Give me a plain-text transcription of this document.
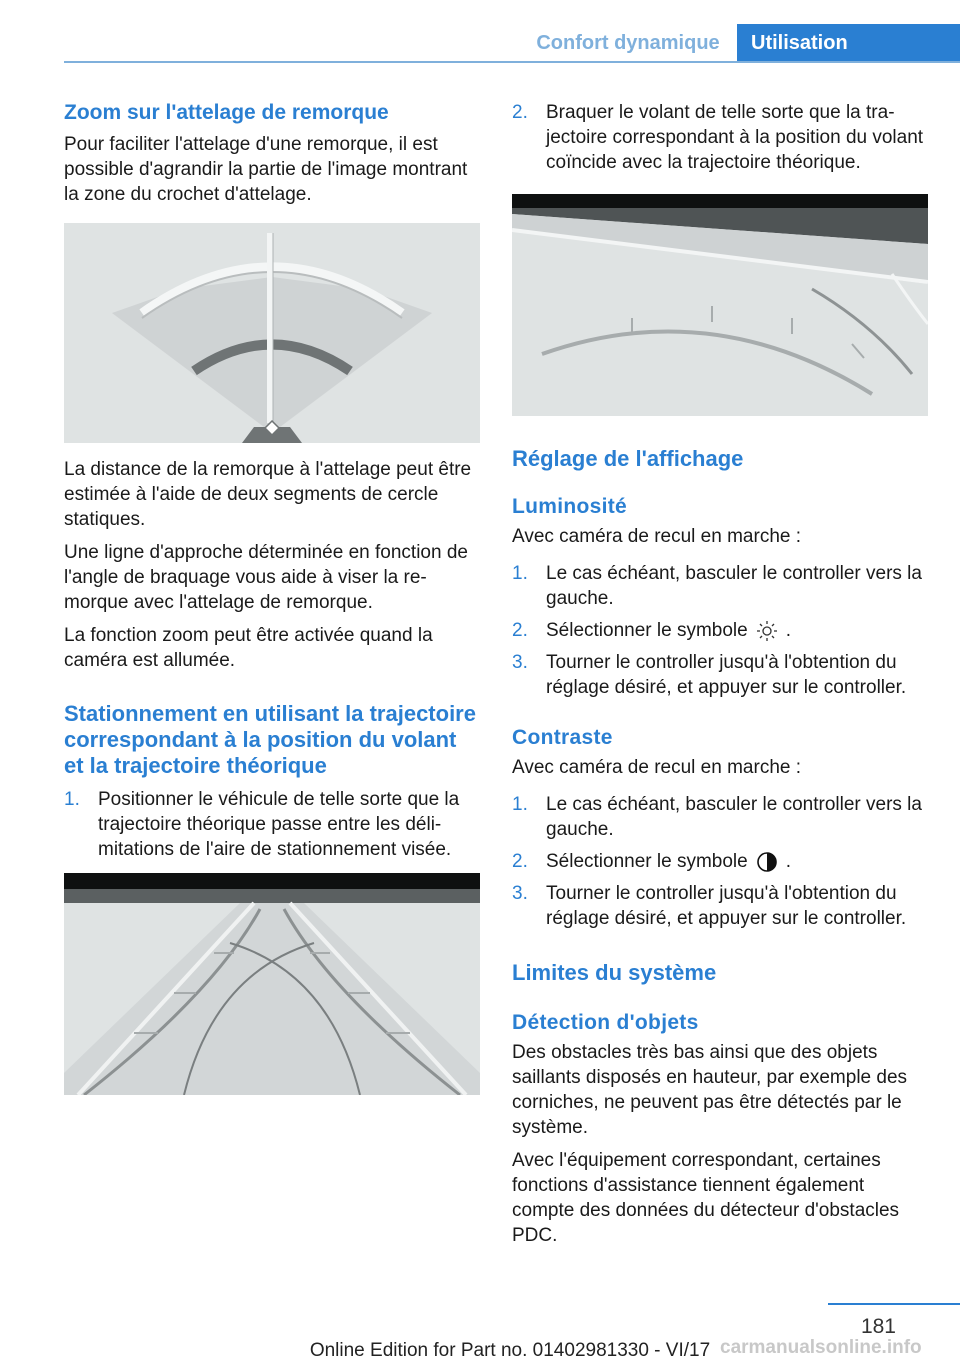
Confort dynamique	Utilisation
Zoom sur l'attelage de remorque

Pour faciliter l'attelage d'une remorque, il est possible d'agrandir la partie de l'image montrant la zone du crochet d'attelage.

La distance de la remorque à l'attelage peut être estimée à l'aide de deux segments de cercle statiques.

Une ligne d'approche déterminée en fonction de l'angle de braquage vous aide à viser la remorque avec l'attelage de remorque.

La fonction zoom peut être activée quand la caméra est allumée.

Stationnement en utilisant la trajectoire correspondant à la position du volant et la trajectoire théorique
1. Positionner le véhicule de telle sorte que la trajectoire théorique passe entre les délimitations de l'aire de stationnement visée.
2. Braquer le volant de telle sorte que la trajectoire correspondant à la position du volant coïncide avec la trajectoire théorique.
Réglage de l'affichage
Luminosité

Avec caméra de recul en marche :

1. Le cas échéant, basculer le controller vers la gauche.
2. Sélectionner le symbole .
3. Tourner le controller jusqu'à l'obtention du réglage désiré, et appuyer sur le controller.
Contraste

Avec caméra de recul en marche :

1. Le cas échéant, basculer le controller vers la gauche.
2. Sélectionner le symbole .
3. Tourner le controller jusqu'à l'obtention du réglage désiré, et appuyer sur le controller.
Limites du système
Détection d'objets

Des obstacles très bas ainsi que des objets saillants disposés en hauteur, par exemple des corniches, ne peuvent pas être détectés par le système.

Avec l'équipement correspondant, certaines fonctions d'assistance tiennent également compte des données du détecteur d'obstacles PDC.

181
Online Edition for Part no. 01402981330 - VI/17 carmanualsonline.info
